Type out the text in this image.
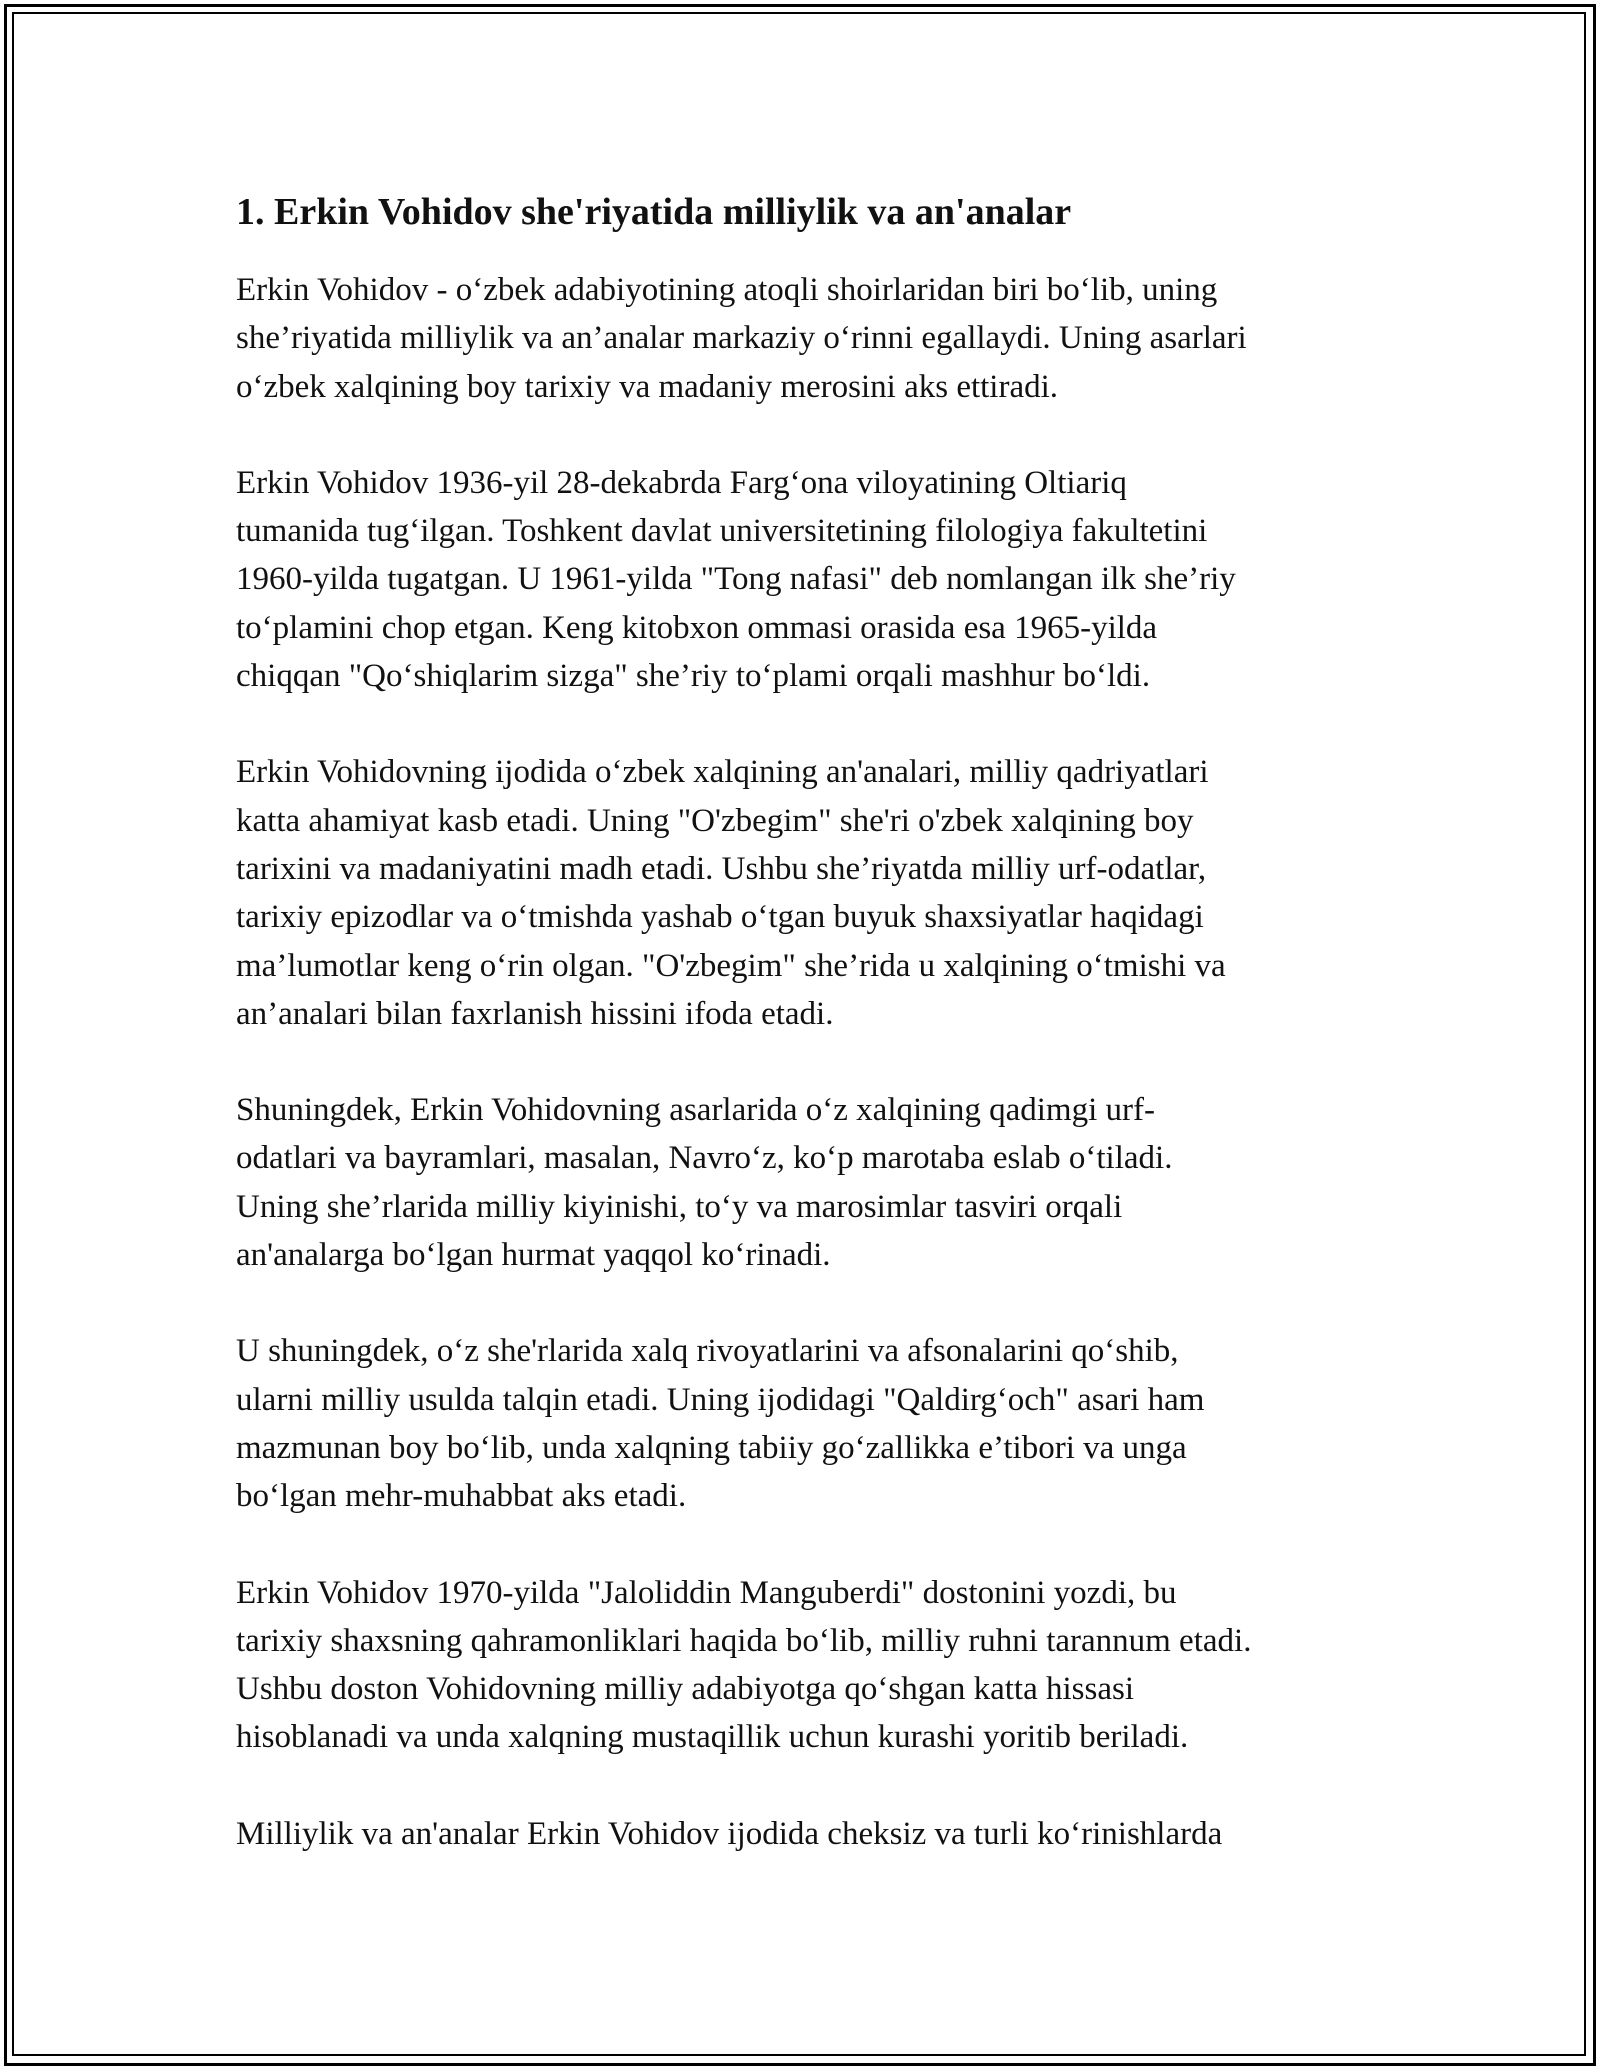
1. Erkin Vohidov she'riyatida milliylik va an'analar

Erkin Vohidov - o‘zbek adabiyotining atoqli shoirlaridan biri bo‘lib, uning
she’riyatida milliylik va an’analar markaziy o‘rinni egallaydi. Uning asarlari
o‘zbek xalqining boy tarixiy va madaniy merosini aks ettiradi.

Erkin Vohidov 1936-yil 28-dekabrda Farg‘ona viloyatining Oltiariq
tumanida tug‘ilgan. Toshkent davlat universitetining filologiya fakultetini
1960-yilda tugatgan. U 1961-yilda "Tong nafasi" deb nomlangan ilk she’riy
to‘plamini chop etgan. Keng kitobxon ommasi orasida esa 1965-yilda
chiqqan "Qo‘shiqlarim sizga" she’riy to‘plami orqali mashhur bo‘ldi.

Erkin Vohidovning ijodida o‘zbek xalqining an'analari, milliy qadriyatlari
katta ahamiyat kasb etadi. Uning "O'zbegim" she'ri o'zbek xalqining boy
tarixini va madaniyatini madh etadi. Ushbu she’riyatda milliy urf-odatlar,
tarixiy epizodlar va o‘tmishda yashab o‘tgan buyuk shaxsiyatlar haqidagi
ma’lumotlar keng o‘rin olgan. "O'zbegim" she’rida u xalqining o‘tmishi va
an’analari bilan faxrlanish hissini ifoda etadi.

Shuningdek, Erkin Vohidovning asarlarida o‘z xalqining qadimgi urf-
odatlari va bayramlari, masalan, Navro‘z, ko‘p marotaba eslab o‘tiladi.
Uning she’rlarida milliy kiyinishi, to‘y va marosimlar tasviri orqali
an'analarga bo‘lgan hurmat yaqqol ko‘rinadi.

U shuningdek, o‘z she'rlarida xalq rivoyatlarini va afsonalarini qo‘shib,
ularni milliy usulda talqin etadi. Uning ijodidagi "Qaldirg‘och" asari ham
mazmunan boy bo‘lib, unda xalqning tabiiy go‘zallikka e’tibori va unga
bo‘lgan mehr-muhabbat aks etadi.

Erkin Vohidov 1970-yilda "Jaloliddin Manguberdi" dostonini yozdi, bu
tarixiy shaxsning qahramonliklari haqida bo‘lib, milliy ruhni tarannum etadi.
Ushbu doston Vohidovning milliy adabiyotga qo‘shgan katta hissasi
hisoblanadi va unda xalqning mustaqillik uchun kurashi yoritib beriladi.

Milliylik va an'analar Erkin Vohidov ijodida cheksiz va turli ko‘rinishlarda
